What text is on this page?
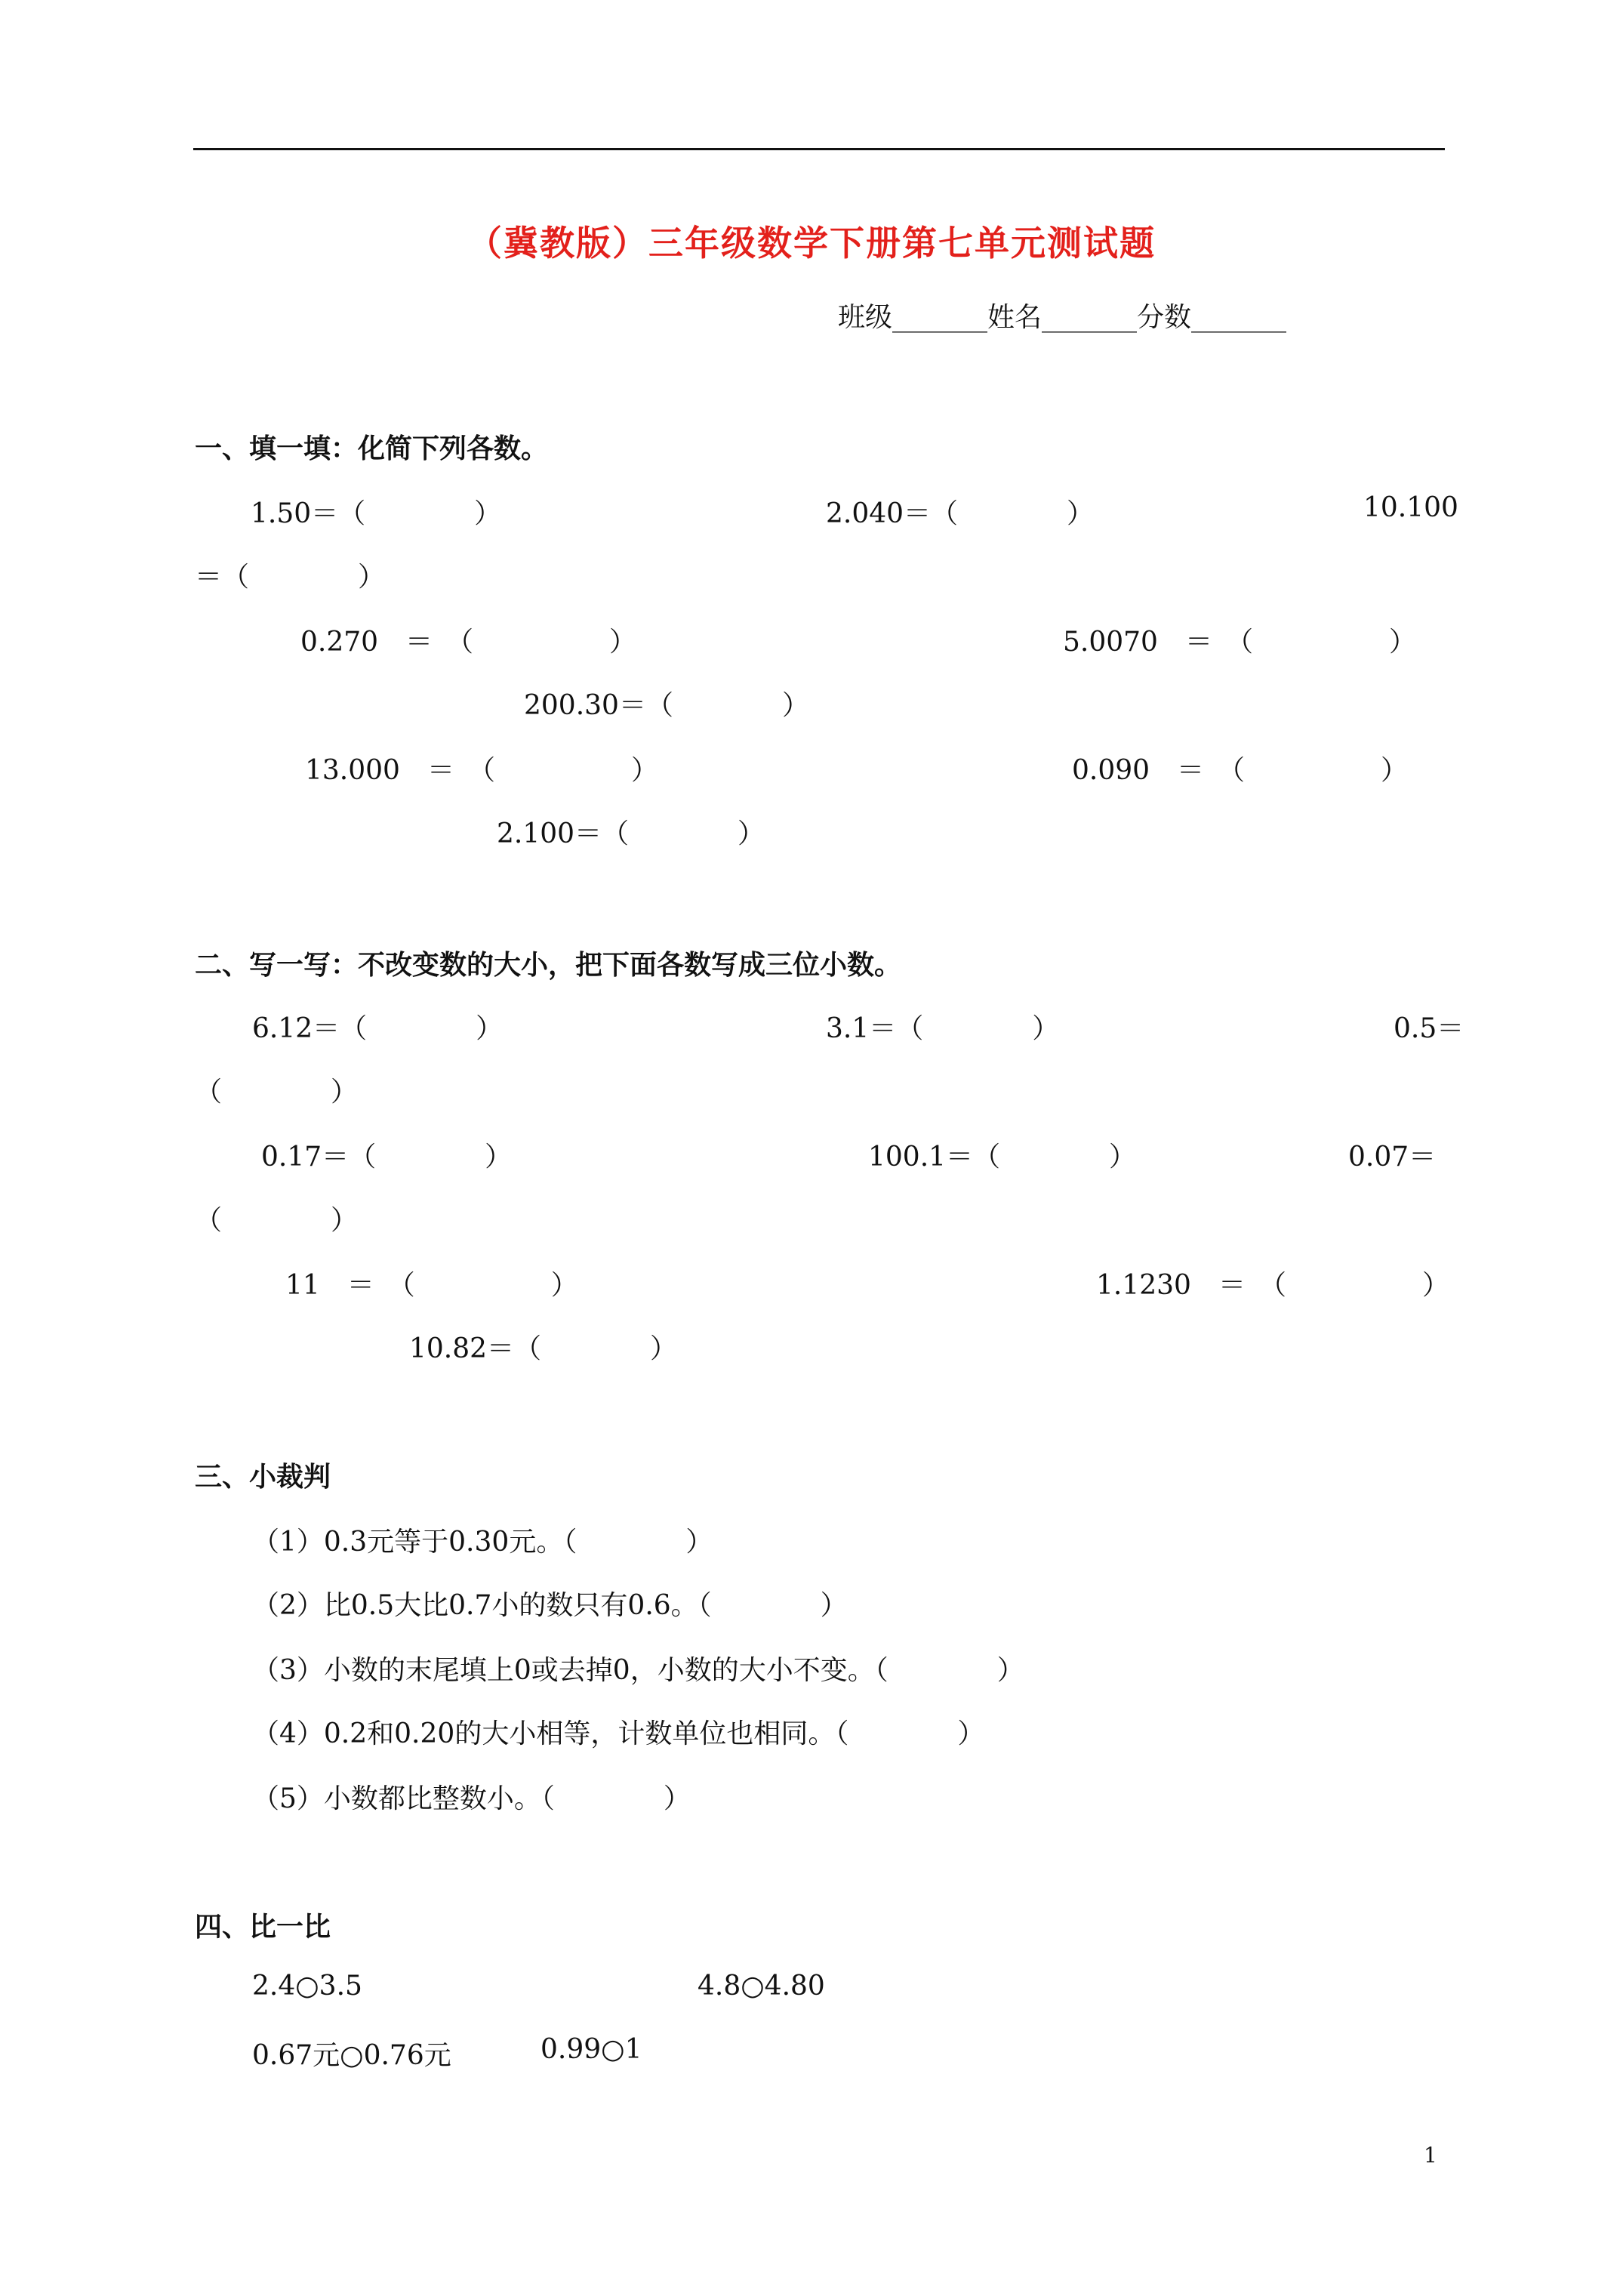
（冀教版）三年级数学下册第七单元测试题
班级_______姓名_______分数_______
一、填一填：化简下列各数。
1.50＝（　　　　）	2.040＝（　　　　）	10.100
＝（　　　　）
0.270　＝　（　　　　　）	5.0070　＝　（　　　　　）
200.30＝（　　　　）
13.000　＝　（　　　　　）	0.090　＝　（　　　　　）
2.100＝（　　　　）
二、写一写：不改变数的大小，把下面各数写成三位小数。
6.12＝（　　　　）	3.1＝（　　　　）	0.5＝
（　　　　）
0.17＝（　　　　）	100.1＝（　　　　）	0.07＝
（　　　　）
11　＝　（　　　　　）	1.1230　＝　（　　　　　）
10.82＝（　　　　）
三、小裁判
（1）0.3元等于0.30元。（　　　　）
（2）比0.5大比0.7小的数只有0.6。（　　　　）
（3）小数的末尾填上0或去掉0，小数的大小不变。（　　　　）
（4）0.2和0.20的大小相等，计数单位也相同。（　　　　）
（5）小数都比整数小。（　　　　）
四、比一比
2.4○3.5	4.8○4.80
0.67元○0.76元	0.99○1
1
